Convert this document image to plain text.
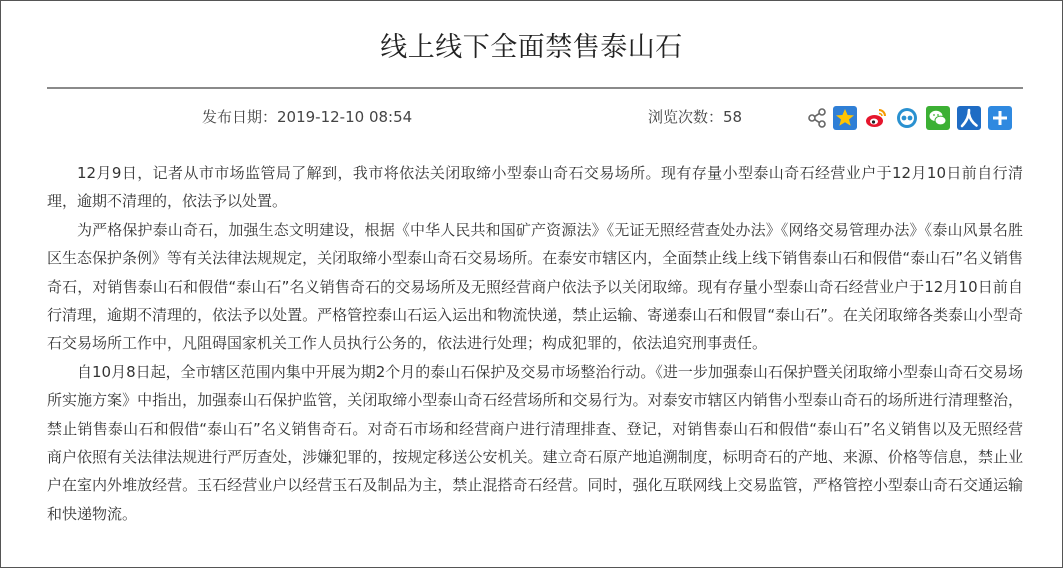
线上线下全面禁售泰山石
发布日期：2019-12-10 08:54	浏览次数：58

12月9日，记者从市市场监管局了解到，我市将依法关闭取缔小型泰山奇石交易场所。现有存量小型泰山奇石经营业户于12月10日前自行清理，逾期不清理的，依法予以处置。

为严格保护泰山奇石，加强生态文明建设，根据《中华人民共和国矿产资源法》《无证无照经营查处办法》《网络交易管理办法》《泰山风景名胜区生态保护条例》等有关法律法规规定，关闭取缔小型泰山奇石交易场所。在泰安市辖区内，全面禁止线上线下销售泰山石和假借“泰山石”名义销售奇石，对销售泰山石和假借“泰山石”名义销售奇石的交易场所及无照经营商户依法予以关闭取缔。现有存量小型泰山奇石经营业户于12月10日前自行清理，逾期不清理的，依法予以处置。严格管控泰山石运入运出和物流快递，禁止运输、寄递泰山石和假冒“泰山石”。在关闭取缔各类泰山小型奇石交易场所工作中，凡阻碍国家机关工作人员执行公务的，依法进行处理；构成犯罪的，依法追究刑事责任。

自10月8日起，全市辖区范围内集中开展为期2个月的泰山石保护及交易市场整治行动。《进一步加强泰山石保护暨关闭取缔小型泰山奇石交易场所实施方案》中指出，加强泰山石保护监管，关闭取缔小型泰山奇石经营场所和交易行为。对泰安市辖区内销售小型泰山奇石的场所进行清理整治，禁止销售泰山石和假借“泰山石”名义销售奇石。对奇石市场和经营商户进行清理排查、登记，对销售泰山石和假借“泰山石”名义销售以及无照经营商户依照有关法律法规进行严厉查处，涉嫌犯罪的，按规定移送公安机关。建立奇石原产地追溯制度，标明奇石的产地、来源、价格等信息，禁止业户在室内外堆放经营。玉石经营业户以经营玉石及制品为主，禁止混搭奇石经营。同时，强化互联网线上交易监管，严格管控小型泰山奇石交通运输和快递物流。
